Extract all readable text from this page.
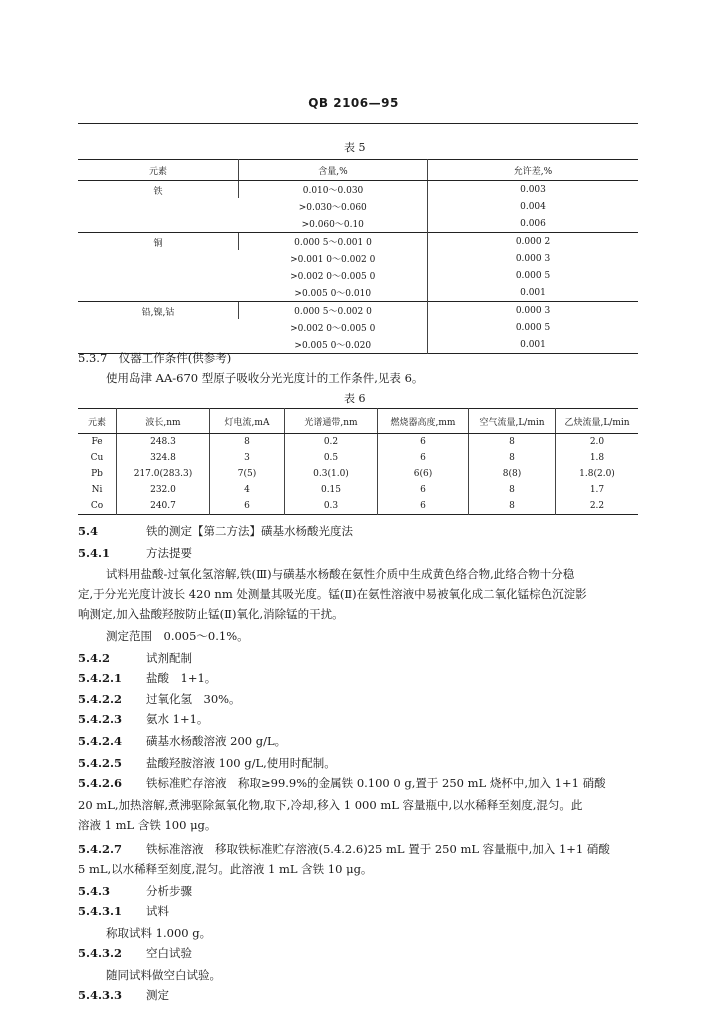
QB 2106—95
表 5
元素	含量,%	允许差,%
铁	0.010～0.030	0.003
	>0.030～0.060	0.004
	>0.060～0.10	0.006
铜	0.000 5～0.001 0	0.000 2
	>0.001 0～0.002 0	0.000 3
	>0.002 0～0.005 0	0.000 5
	>0.005 0～0.010	0.001
铅,镍,钴	0.000 5～0.002 0	0.000 3
	>0.002 0～0.005 0	0.000 5
	>0.005 0～0.020	0.001
5.3.7　仪器工作条件(供参考)
使用岛津 AA-670 型原子吸收分光光度计的工作条件,见表 6。
表 6
元素	波长,nm	灯电流,mA	光谱通带,nm	燃烧器高度,mm	空气流量,L/min	乙炔流量,L/min
Fe	248.3	8	0.2	6	8	2.0
Cu	324.8	3	0.5	6	8	1.8
Pb	217.0(283.3)	7(5)	0.3(1.0)	6(6)	8(8)	1.8(2.0)
Ni	232.0	4	0.15	6	8	1.7
Co	240.7	6	0.3	6	8	2.2
5.4	铁的测定【第二方法】磺基水杨酸光度法
5.4.1	方法提要
试料用盐酸-过氧化氢溶解,铁(Ⅲ)与磺基水杨酸在氨性介质中生成黄色络合物,此络合物十分稳
定,于分光光度计波长 420 nm 处测量其吸光度。锰(Ⅱ)在氨性溶液中易被氧化成二氧化锰棕色沉淀影
响测定,加入盐酸羟胺防止锰(Ⅱ)氧化,消除锰的干扰。
测定范围　0.005～0.1%。
5.4.2	试剂配制
5.4.2.1 盐酸　1+1。
5.4.2.2 过氧化氢　30%。
5.4.2.3 氨水 1+1。
5.4.2.4 磺基水杨酸溶液 200 g/L。
5.4.2.5 盐酸羟胺溶液 100 g/L,使用时配制。
5.4.2.6 铁标准贮存溶液　称取≥99.9%的金属铁 0.100 0 g,置于 250 mL 烧杯中,加入 1+1 硝酸
20 mL,加热溶解,煮沸驱除氮氧化物,取下,冷却,移入 1 000 mL 容量瓶中,以水稀释至刻度,混匀。此
溶液 1 mL 含铁 100 μg。
5.4.2.7 铁标准溶液　移取铁标准贮存溶液(5.4.2.6)25 mL 置于 250 mL 容量瓶中,加入 1+1 硝酸
5 mL,以水稀释至刻度,混匀。此溶液 1 mL 含铁 10 μg。
5.4.3	分析步骤
5.4.3.1 试料
称取试料 1.000 g。
5.4.3.2 空白试验
随同试料做空白试验。
5.4.3.3 测定
